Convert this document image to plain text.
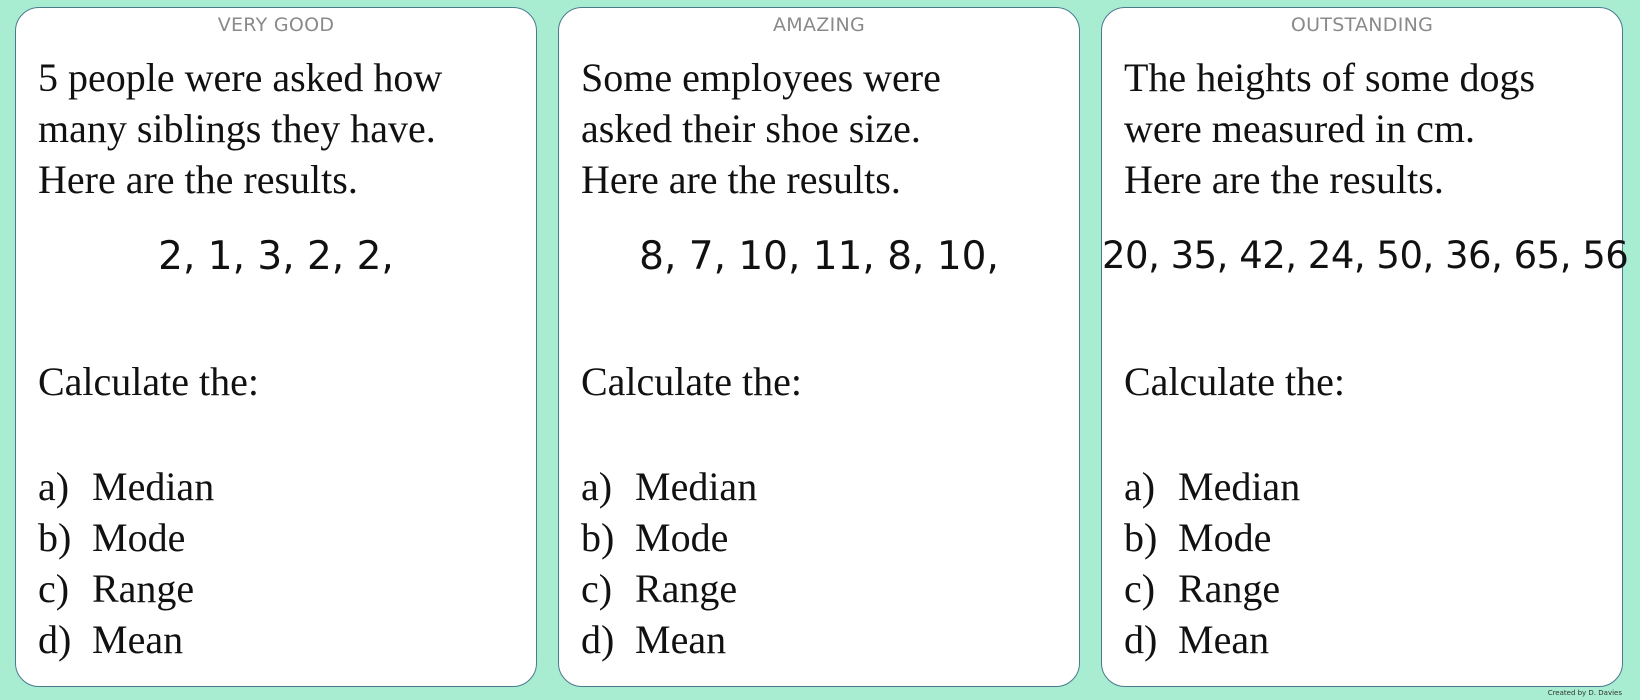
VERY GOOD

5 people were asked how
many siblings they have.
Here are the results.

2, 1, 3, 2, 2,
Calculate the:
a) Median
b) Mode
c) Range
d) Mean
AMAZING

Some employees were
asked their shoe size.
Here are the results.

8, 7, 10, 11, 8, 10,
Calculate the:
a) Median
b) Mode
c) Range
d) Mean
OUTSTANDING

The heights of some dogs
were measured in cm.
Here are the results.

20, 35, 42, 24, 50, 36, 65, 56
Calculate the:
a) Median
b) Mode
c) Range
d) Mean
Created by D. Davies
